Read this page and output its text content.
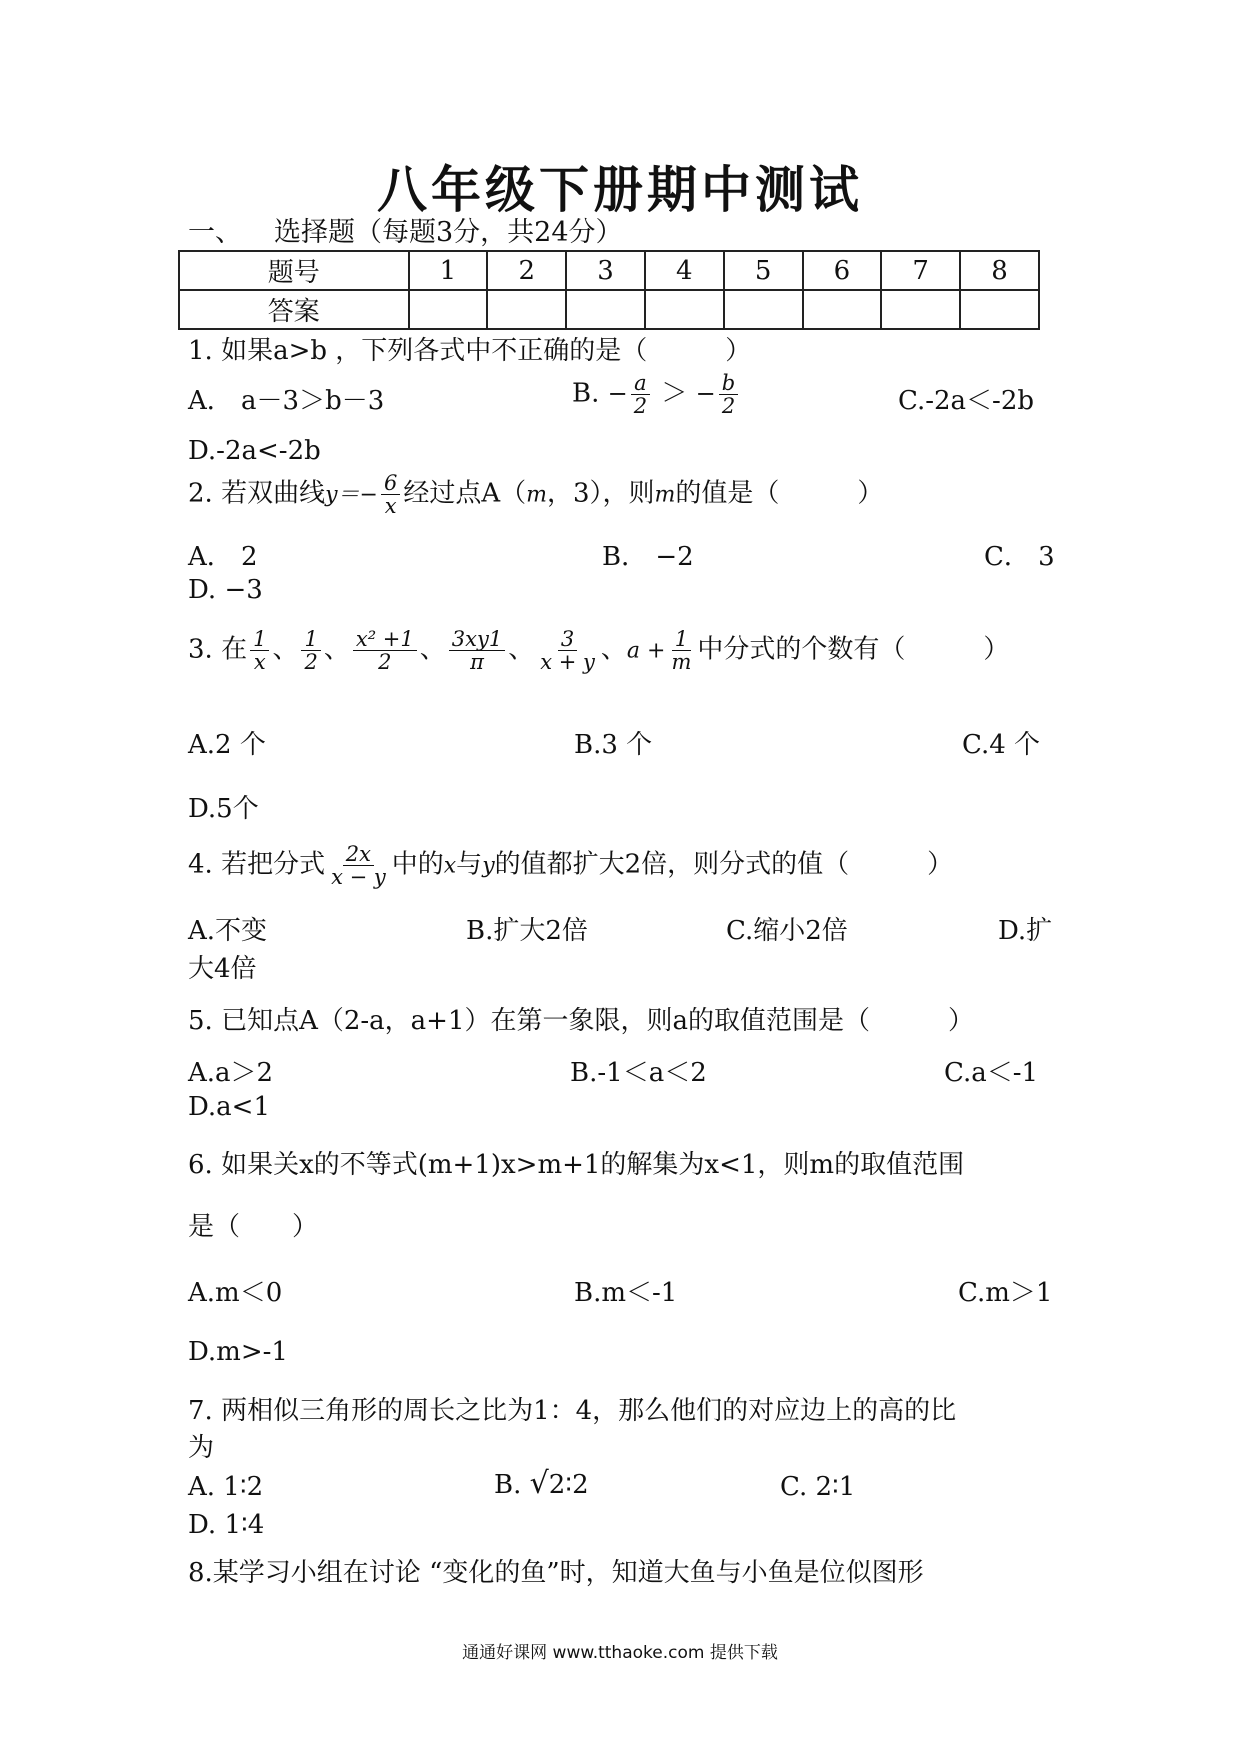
八年级下册期中测试
一、 选择题（每题3分，共24分）
题号	1	2	3	4	5	6	7	8
答案								
1. 如果a>b ，下列各式中不正确的是（　　　）
A． a－3＞b－3	B. − $\frac{a}{2}$ ＞ − $\frac{b}{2}$	C.-2a＜-2b
D.-2a<-2b
2. 若双曲线$y=- \frac{6}{x}$ 经过点A（m，3），则m的值是（　　　）
A． 2	B． −2	C． 3
D. −3
3. 在 $\frac{1}{x}$ 、 $\frac{1}{2}$ 、 $\frac{\text{x² +1}}{2}$ 、 $\frac{3xy1}{\pi}$ 、 $\frac{3}{x + y}$ 、$a + \frac{1}{m}$ 中分式的个数有（　　　）
A.2 个	B.3 个	C.4 个
D.5个
4. 若把分式 $\frac{2x}{x - y}$ 中的x与y的值都扩大2倍，则分式的值（　　　）
A.不变	B.扩大2倍	C.缩小2倍	D.扩
大4倍
5. 已知点A（2-a，a+1）在第一象限，则a的取值范围是（　　　）
A.a＞2	B.-1＜a＜2	C.a＜-1
D.a<1
6. 如果关x的不等式(m+1)x>m+1的解集为x<1，则m的取值范围
是（　　）
A.m＜0	B.m＜-1	C.m＞1
D.m>-1
7. 两相似三角形的周长之比为1：4，那么他们的对应边上的高的比
为
A. 1∶2	B. √2∶2	C. 2∶1
D. 1∶4
8.某学习小组在讨论 “变化的鱼”时，知道大鱼与小鱼是位似图形
通通好课网 www.tthaoke.com 提供下载
